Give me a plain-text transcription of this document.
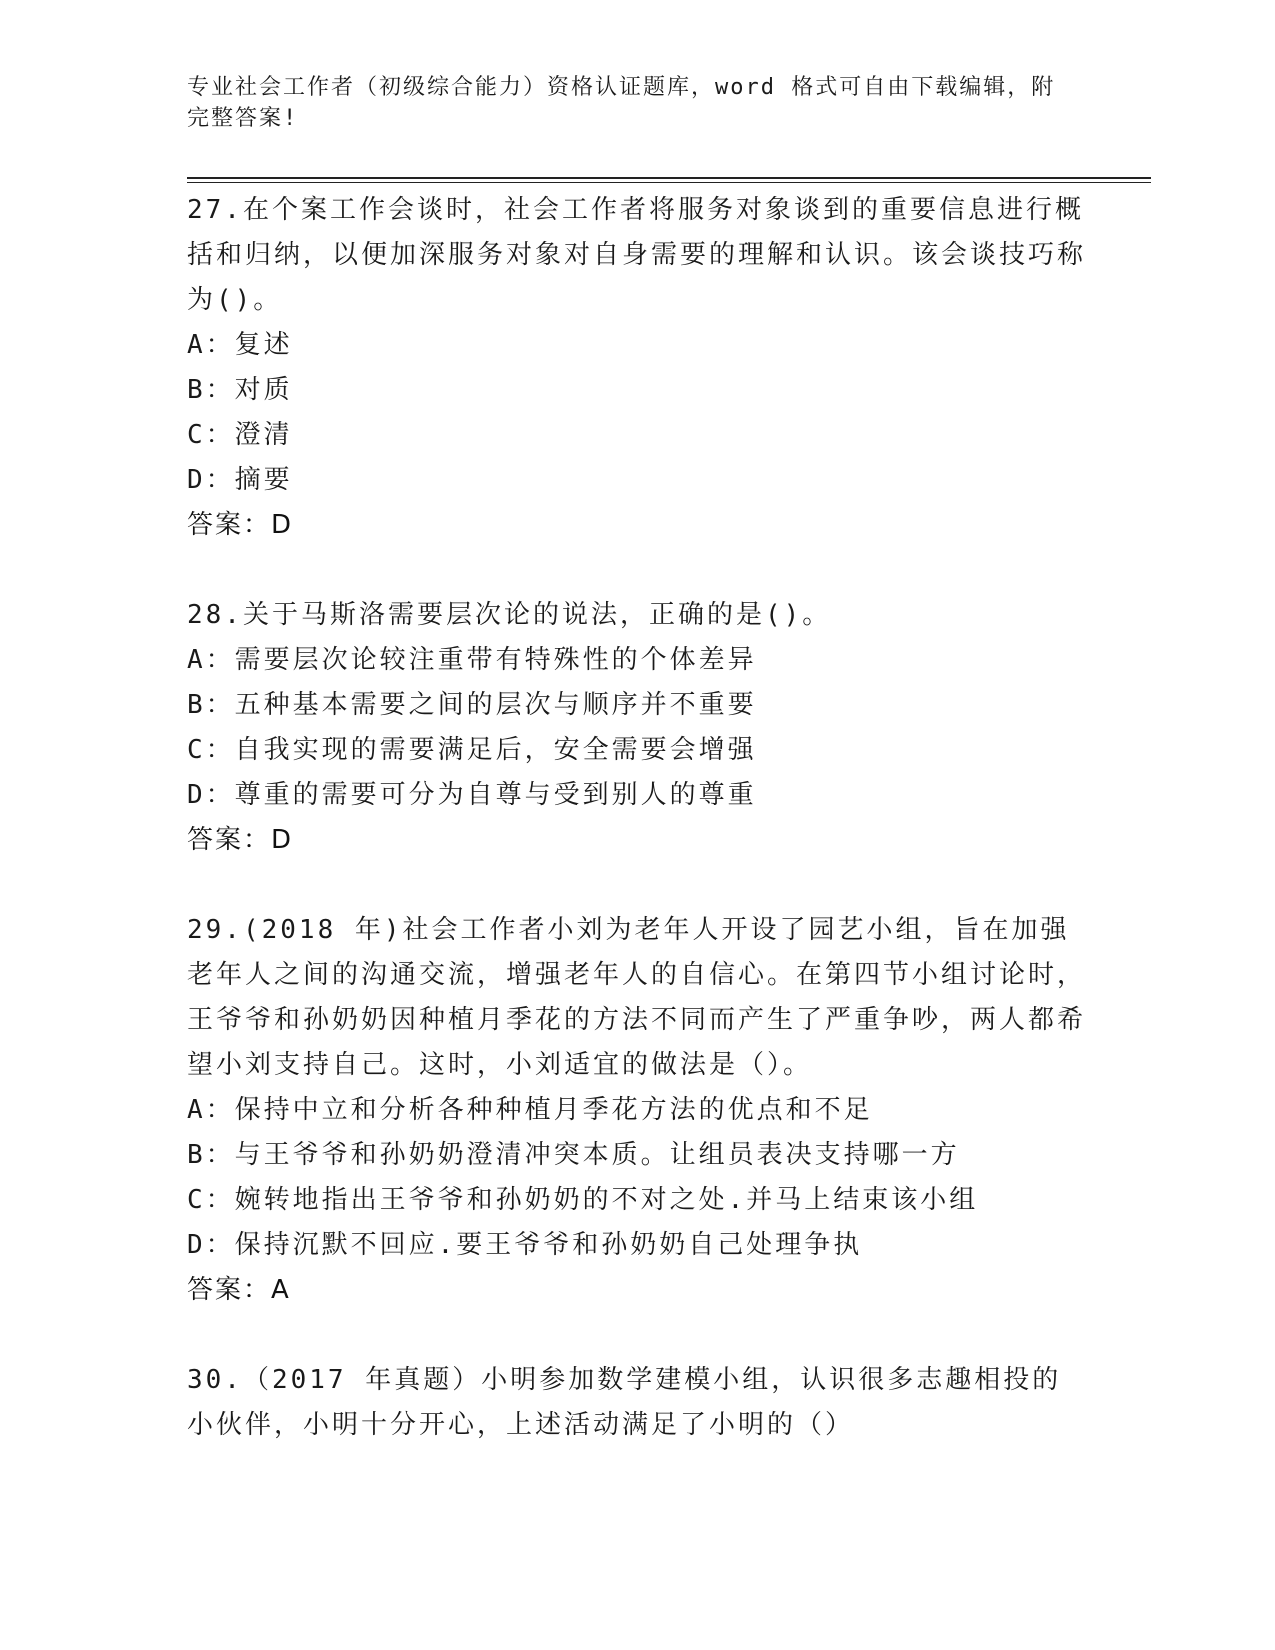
专业社会工作者（初级综合能力）资格认证题库，word 格式可自由下载编辑，附完整答案!

27.在个案工作会谈时，社会工作者将服务对象谈到的重要信息进行概括和归纳，以便加深服务对象对自身需要的理解和认识。该会谈技巧称为()。

A：复述

B：对质

C：澄清

D：摘要

答案：D

28.关于马斯洛需要层次论的说法，正确的是()。

A：需要层次论较注重带有特殊性的个体差异

B：五种基本需要之间的层次与顺序并不重要

C：自我实现的需要满足后，安全需要会增强

D：尊重的需要可分为自尊与受到别人的尊重

答案：D

29.(2018 年)社会工作者小刘为老年人开设了园艺小组，旨在加强老年人之间的沟通交流，增强老年人的自信心。在第四节小组讨论时，王爷爷和孙奶奶因种植月季花的方法不同而产生了严重争吵，两人都希望小刘支持自己。这时，小刘适宜的做法是（）。

A：保持中立和分析各种种植月季花方法的优点和不足

B：与王爷爷和孙奶奶澄清冲突本质。让组员表决支持哪一方

C：婉转地指出王爷爷和孙奶奶的不对之处.并马上结束该小组

D：保持沉默不回应.要王爷爷和孙奶奶自己处理争执

答案：A

30.（2017 年真题）小明参加数学建模小组，认识很多志趣相投的小伙伴，小明十分开心，上述活动满足了小明的（）
